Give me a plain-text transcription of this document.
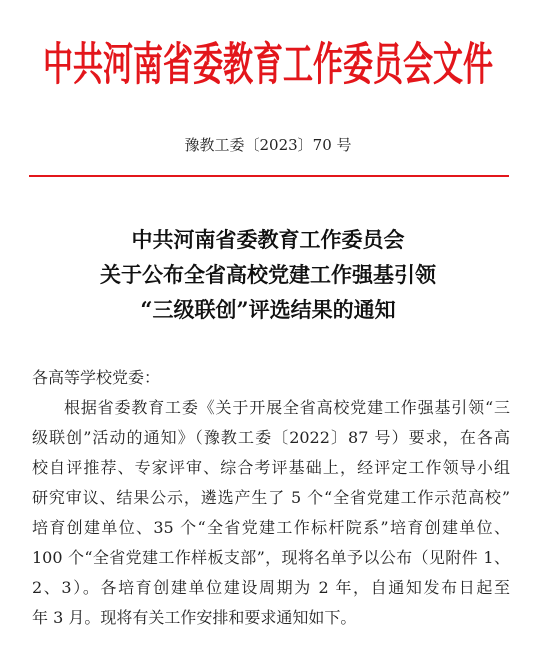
中共河南省委教育工作委员会文件
豫教工委〔2023〕70 号
中共河南省委教育工作委员会
关于公布全省高校党建工作强基引领
“三级联创”评选结果的通知
各高等学校党委：
根据省委教育工委《关于开展全省高校党建工作强基引领“三
级联创”活动的通知》（豫教工委〔2022〕87 号）要求，在各高
校自评推荐、专家评审、综合考评基础上，经评定工作领导小组
研究审议、结果公示，遴选产生了 5 个“全省党建工作示范高校”
培育创建单位、35 个“全省党建工作标杆院系”培育创建单位、
100 个“全省党建工作样板支部”，现将名单予以公布（见附件 1、
2、3）。各培育创建单位建设周期为 2 年，自通知发布日起至
年 3 月。现将有关工作安排和要求通知如下。
